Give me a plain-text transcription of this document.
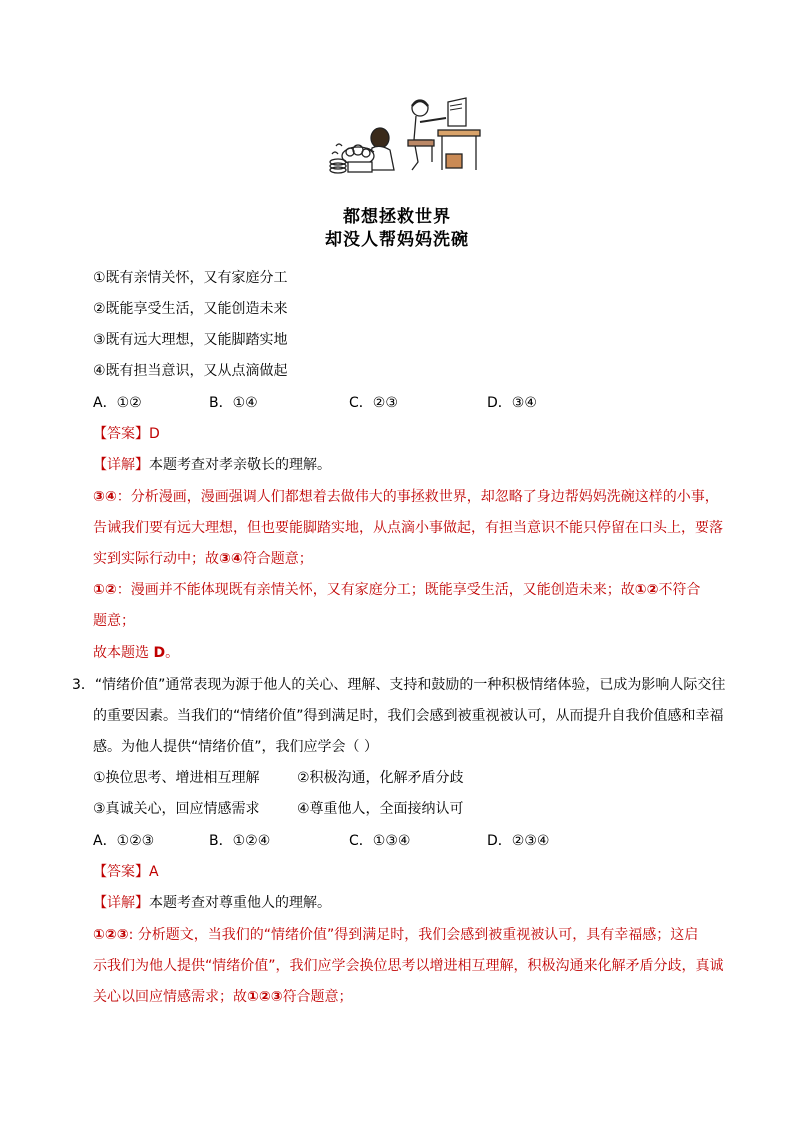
都想拯救世界
却没人帮妈妈洗碗
①既有亲情关怀，又有家庭分工
②既能享受生活，又能创造未来
③既有远大理想，又能脚踏实地
④既有担当意识，又从点滴做起
A．①②	B．①④	C．②③	D．③④
【答案】D
【详解】本题考查对孝亲敬长的理解。
③④：分析漫画，漫画强调人们都想着去做伟大的事拯救世界，却忽略了身边帮妈妈洗碗这样的小事，
告诫我们要有远大理想，但也要能脚踏实地，从点滴小事做起，有担当意识不能只停留在口头上，要落
实到实际行动中；故③④符合题意；
①②：漫画并不能体现既有亲情关怀，又有家庭分工；既能享受生活，又能创造未来；故①②不符合
题意；
故本题选 D。
3．“情绪价值”通常表现为源于他人的关心、理解、支持和鼓励的一种积极情绪体验，已成为影响人际交往
的重要因素。当我们的“情绪价值”得到满足时，我们会感到被重视被认可，从而提升自我价值感和幸福
感。为他人提供“情绪价值”，我们应学会（ ）
①换位思考、增进相互理解	②积极沟通，化解矛盾分歧
③真诚关心，回应情感需求	④尊重他人，全面接纳认可
A．①②③	B．①②④	C．①③④	D．②③④
【答案】A
【详解】本题考查对尊重他人的理解。
①②③: 分析题文，当我们的“情绪价值”得到满足时，我们会感到被重视被认可，具有幸福感；这启
示我们为他人提供“情绪价值”，我们应学会换位思考以增进相互理解，积极沟通来化解矛盾分歧，真诚
关心以回应情感需求；故①②③符合题意；
